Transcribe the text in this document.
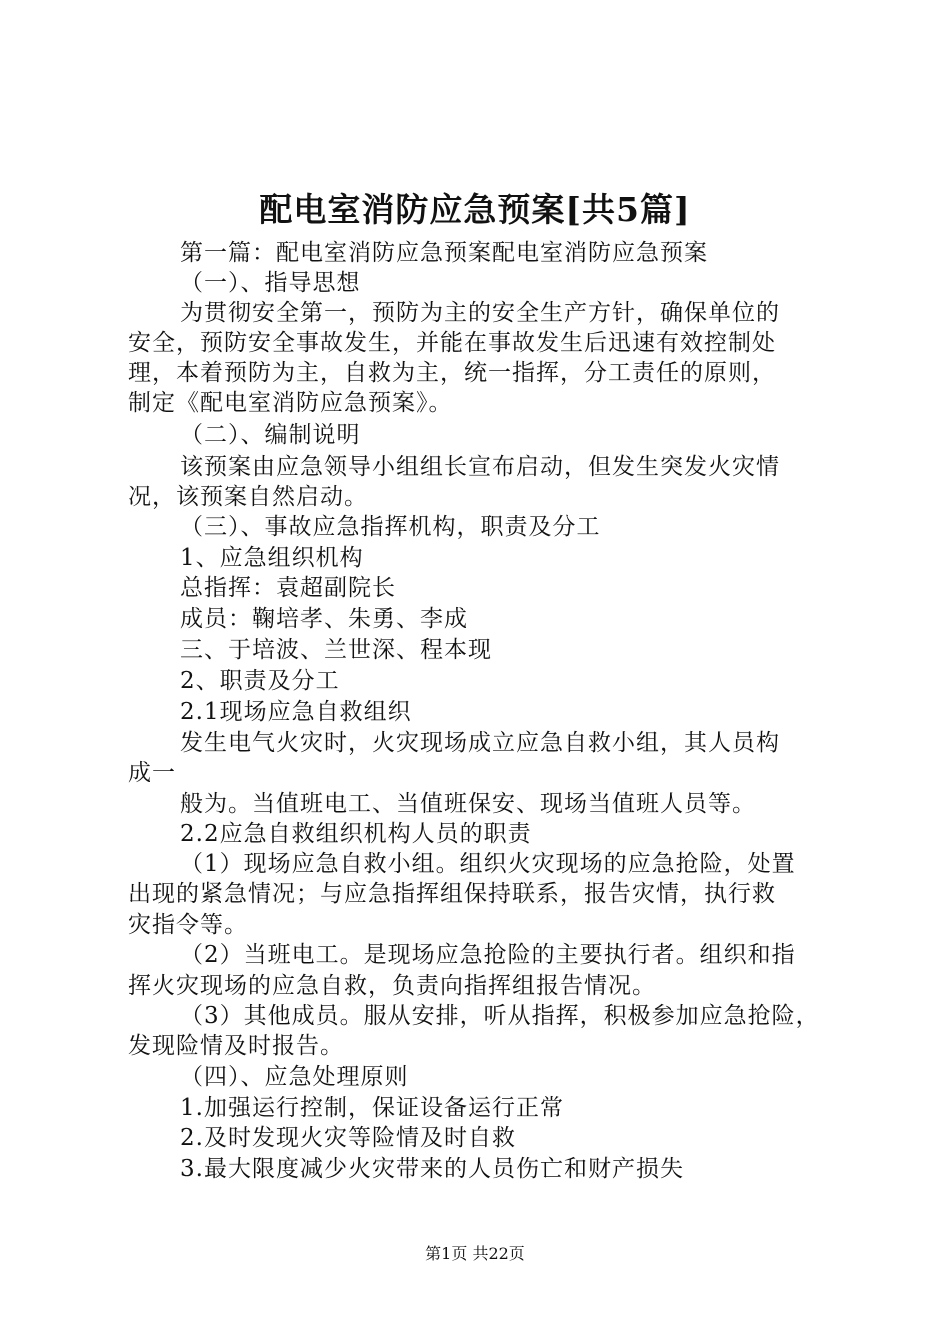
配电室消防应急预案[共5篇]
第一篇：配电室消防应急预案配电室消防应急预案
（一）、指导思想
为贯彻安全第一，预防为主的安全生产方针，确保单位的
安全，预防安全事故发生，并能在事故发生后迅速有效控制处
理，本着预防为主，自救为主，统一指挥，分工责任的原则，
制定《配电室消防应急预案》。
（二）、编制说明
该预案由应急领导小组组长宣布启动，但发生突发火灾情
况，该预案自然启动。
（三）、事故应急指挥机构，职责及分工
1、应急组织机构
总指挥：袁超副院长
成员：鞠培孝、朱勇、李成
三、于培波、兰世深、程本现
2、职责及分工
2.1现场应急自救组织
发生电气火灾时，火灾现场成立应急自救小组，其人员构
成一
般为。当值班电工、当值班保安、现场当值班人员等。
2.2应急自救组织机构人员的职责
（1）现场应急自救小组。组织火灾现场的应急抢险，处置
出现的紧急情况；与应急指挥组保持联系，报告灾情，执行救
灾指令等。
（2）当班电工。是现场应急抢险的主要执行者。组织和指
挥火灾现场的应急自救，负责向指挥组报告情况。
（3）其他成员。服从安排，听从指挥，积极参加应急抢险，
发现险情及时报告。
（四）、应急处理原则
1.加强运行控制，保证设备运行正常
2.及时发现火灾等险情及时自救
3.最大限度减少火灾带来的人员伤亡和财产损失
第1页 共22页
